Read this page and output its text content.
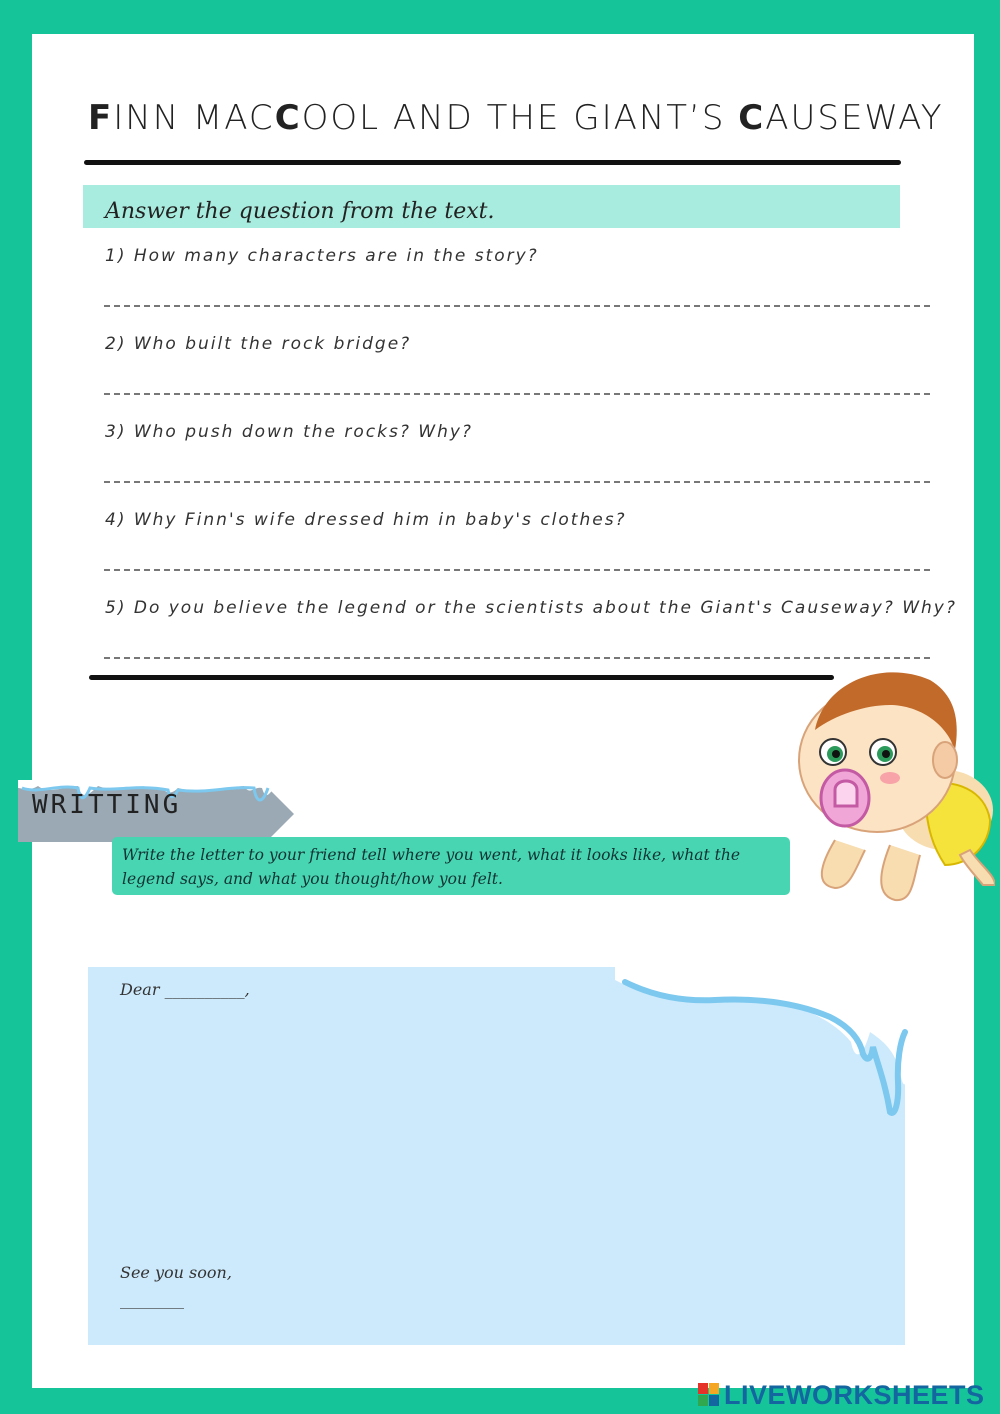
FINN MACCOOL AND THE GIANT’S CAUSEWAY
Answer the question from the text.
1) How many characters are in the story?
2) Who built the rock bridge?
3) Who push down the rocks? Why?
4) Why Finn's wife dressed him in baby's clothes?
5) Do you believe the legend or the scientists about the Giant's Causeway? Why?
WRITTING
Write the letter to your friend tell where you went, what it looks like, what the legend says, and what you thought/how you felt.
Dear __________,
See you soon,
________
LIVEWORKSHEETS
